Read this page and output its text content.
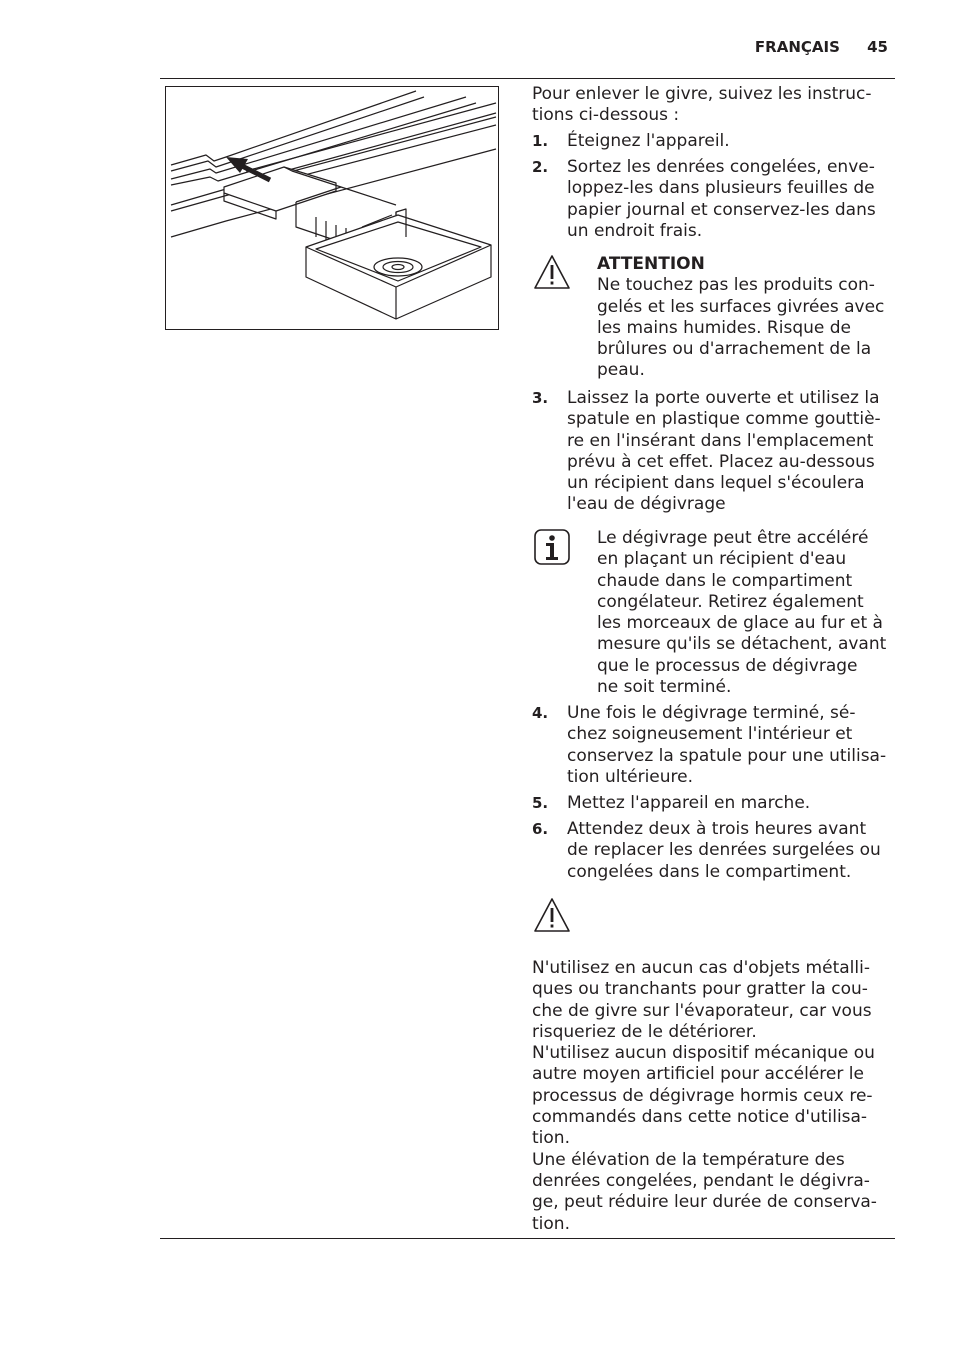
FRANÇAIS 45

Pour enlever le givre, suivez les instruc-
tions ci-dessous :

1. Éteignez l'appareil.
2. Sortez les denrées congelées, enve-
loppez-les dans plusieurs feuilles de
papier journal et conservez-les dans
un endroit frais.
ATTENTION
Ne touchez pas les produits con-
gelés et les surfaces givrées avec
les mains humides. Risque de
brûlures ou d'arrachement de la
peau.
3. Laissez la porte ouverte et utilisez la
spatule en plastique comme gouttiè-
re en l'insérant dans l'emplacement
prévu à cet effet. Placez au-dessous
un récipient dans lequel s'écoulera
l'eau de dégivrage
Le dégivrage peut être accéléré
en plaçant un récipient d'eau
chaude dans le compartiment
congélateur. Retirez également
les morceaux de glace au fur et à
mesure qu'ils se détachent, avant
que le processus de dégivrage
ne soit terminé.
4. Une fois le dégivrage terminé, sé-
chez soigneusement l'intérieur et
conservez la spatule pour une utilisa-
tion ultérieure.
5. Mettez l'appareil en marche.
6. Attendez deux à trois heures avant
de replacer les denrées surgelées ou
congelées dans le compartiment.

N'utilisez en aucun cas d'objets métalli-
ques ou tranchants pour gratter la cou-
che de givre sur l'évaporateur, car vous
risqueriez de le détériorer.

N'utilisez aucun dispositif mécanique ou
autre moyen artificiel pour accélérer le
processus de dégivrage hormis ceux re-
commandés dans cette notice d'utilisa-
tion.

Une élévation de la température des
denrées congelées, pendant le dégivra-
ge, peut réduire leur durée de conserva-
tion.
